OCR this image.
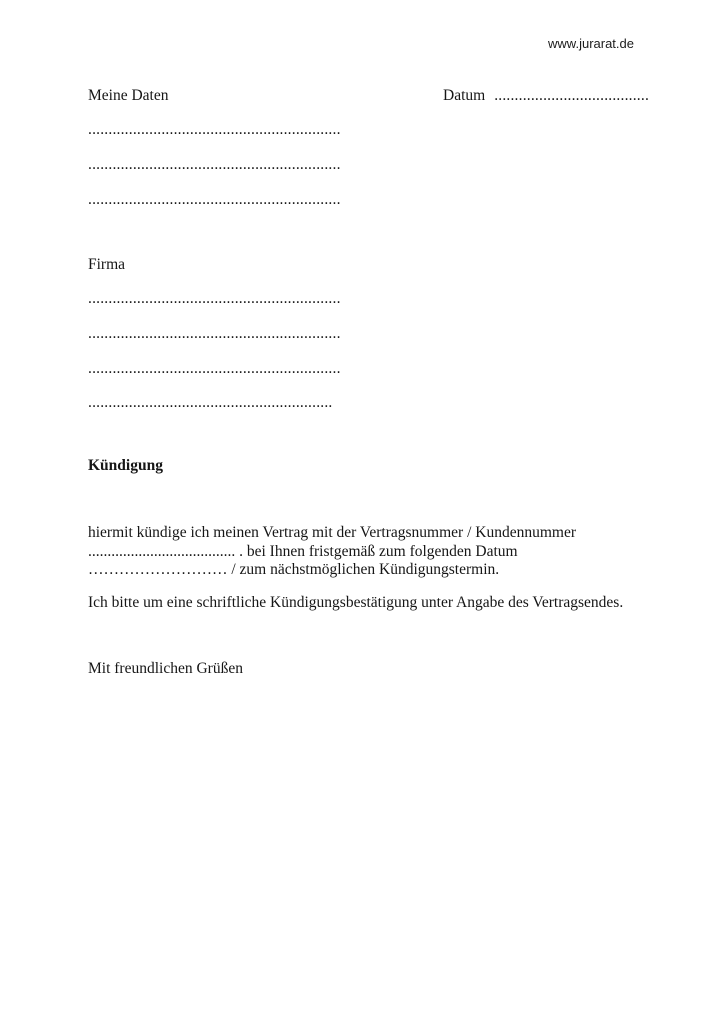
www.jurarat.de
Meine Daten	Datum ......................................
..............................................................
..............................................................
..............................................................
Firma
..............................................................
..............................................................
..............................................................
............................................................
Kündigung
hiermit kündige ich meinen Vertrag mit der Vertragsnummer / Kundennummer
...................................... . bei Ihnen fristgemäß zum folgenden Datum
……………………… / zum nächstmöglichen Kündigungstermin.
Ich bitte um eine schriftliche Kündigungsbestätigung unter Angabe des Vertragsendes.
Mit freundlichen Grüßen
